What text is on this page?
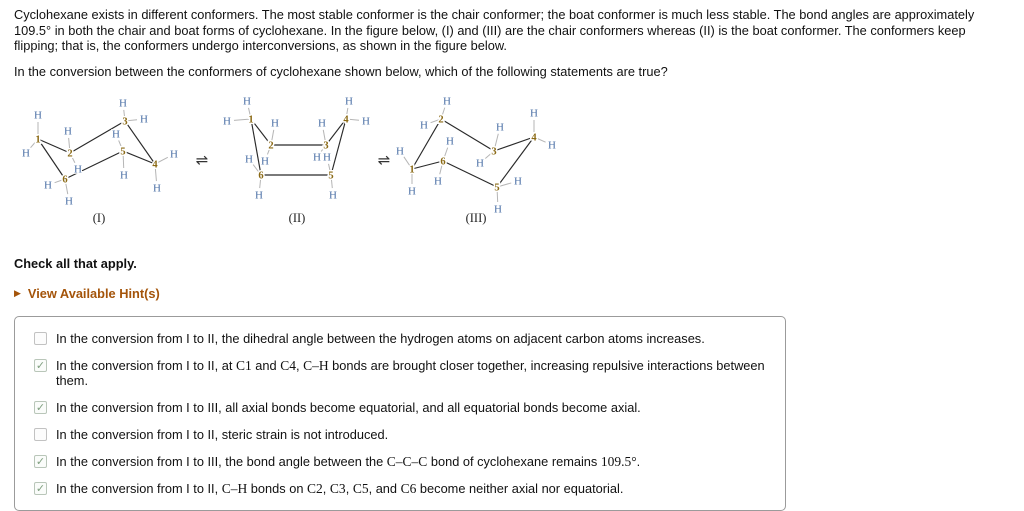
Cyclohexane exists in different conformers. The most stable conformer is the chair conformer; the boat conformer is much less stable. The bond angles are approximately 109.5° in both the chair and boat forms of cyclohexane. In the figure below, (I) and (III) are the chair conformers whereas (II) is the boat conformer. The conformers keep flipping; that is, the conformers undergo interconversions, as shown in the figure below.

In the conversion between the conformers of cyclohexane shown below, which of the following statements are true?

H
H
H
H
H
H
H
H
H
H
H
H
1
2
3
4
5
6
(I)
H
H	H
H
H
H
H
H
H
H
H
H
1
2	3
4
5
6
(II)
H
H
H
H	H
H
H
H
H
H
H
H
1
2
3
4
5
6
(III)
⇌	⇌
Check all that apply.
▶ View Available Hint(s)
In the conversion from I to II, the dihedral angle between the hydrogen atoms on adjacent carbon atoms increases.
✓ In the conversion from I to II, at C1 and C4, C–H bonds are brought closer together, increasing repulsive interactions between them.
✓ In the conversion from I to III, all axial bonds become equatorial, and all equatorial bonds become axial.
In the conversion from I to II, steric strain is not introduced.
✓ In the conversion from I to III, the bond angle between the C–C–C bond of cyclohexane remains 109.5°.
✓ In the conversion from I to II, C–H bonds on C2, C3, C5, and C6 become neither axial nor equatorial.
